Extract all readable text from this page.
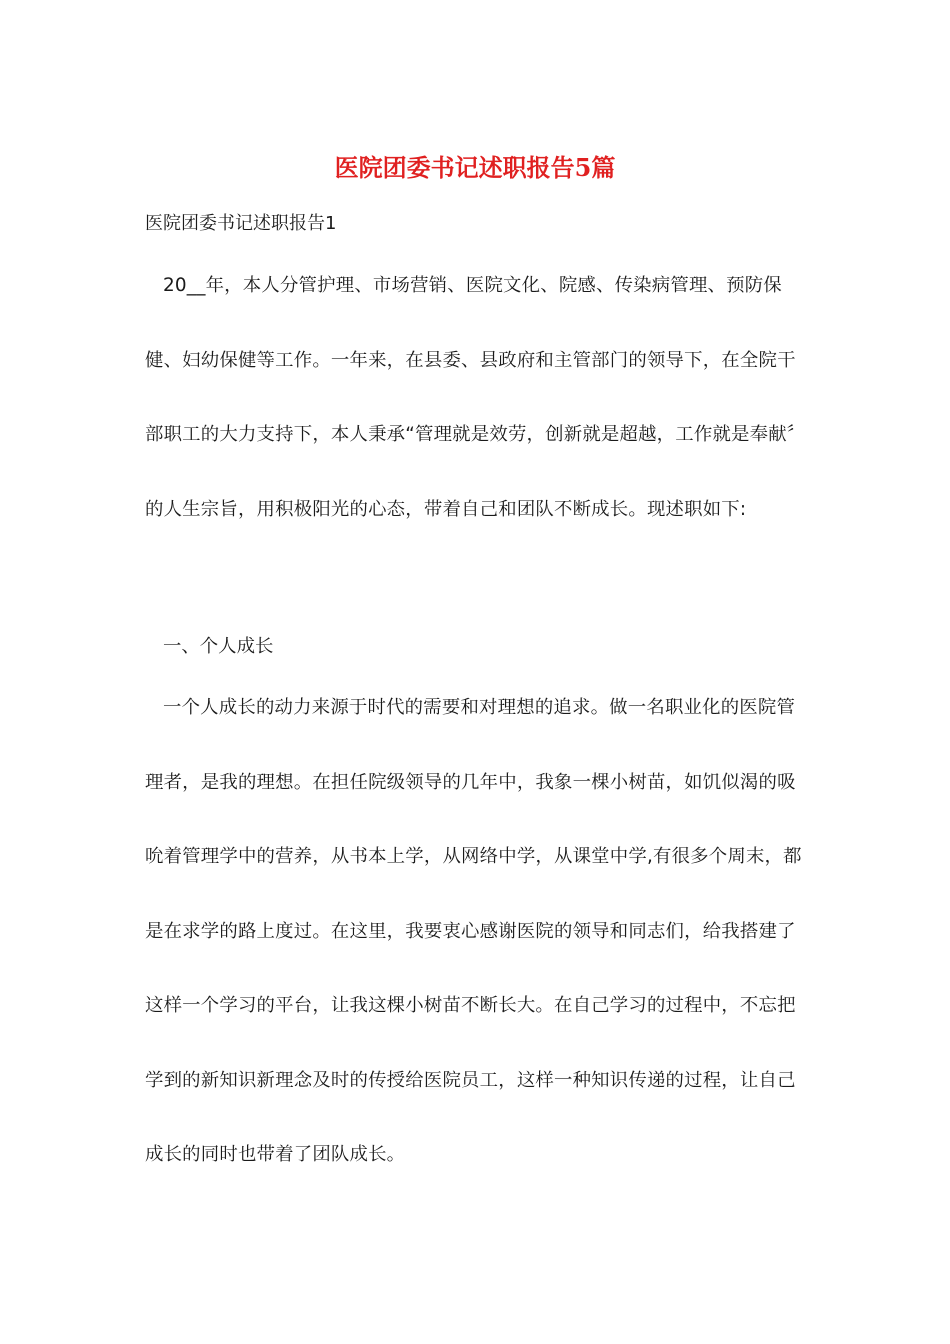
医院团委书记述职报告5篇

医院团委书记述职报告1

20__年，本人分管护理、市场营销、医院文化、院感、传染病管理、预防保健、妇幼保健等工作。一年来，在县委、县政府和主管部门的领导下，在全院干部职工的大力支持下，本人秉承“管理就是效劳，创新就是超越，工作就是奉献〞的人生宗旨，用积极阳光的心态，带着自己和团队不断成长。现述职如下:

一、个人成长

一个人成长的动力来源于时代的需要和对理想的追求。做一名职业化的医院管理者，是我的理想。在担任院级领导的几年中，我象一棵小树苗，如饥似渴的吸吮着管理学中的营养，从书本上学，从网络中学，从课堂中学,有很多个周末，都是在求学的路上度过。在这里，我要衷心感谢医院的领导和同志们，给我搭建了这样一个学习的平台，让我这棵小树苗不断长大。在自己学习的过程中，不忘把学到的新知识新理念及时的传授给医院员工，这样一种知识传递的过程，让自己成长的同时也带着了团队成长。
